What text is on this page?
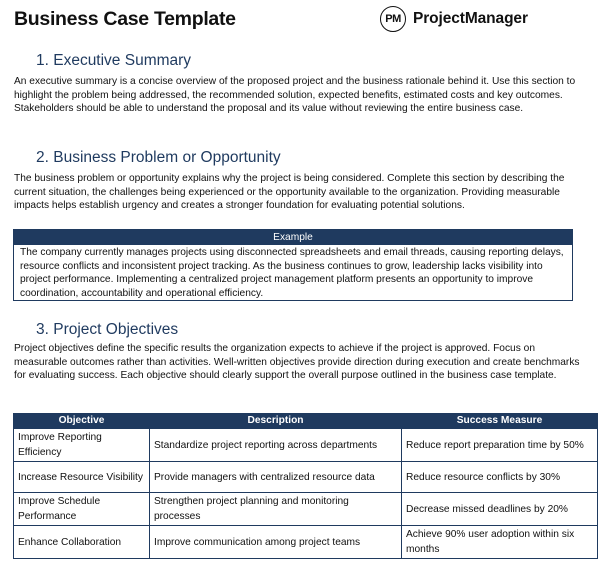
Business Case Template	PM ProjectManager
1. Executive Summary

An executive summary is a concise overview of the proposed project and the business rationale behind it. Use this section to highlight the problem being addressed, the recommended solution, expected benefits, estimated costs and key outcomes. Stakeholders should be able to understand the proposal and its value without reviewing the entire business case.

2. Business Problem or Opportunity

The business problem or opportunity explains why the project is being considered. Complete this section by describing the current situation, the challenges being experienced or the opportunity available to the organization. Providing measurable impacts helps establish urgency and creates a stronger foundation for evaluating potential solutions.

Example

The company currently manages projects using disconnected spreadsheets and email threads, causing reporting delays, resource conflicts and inconsistent project tracking. As the business continues to grow, leadership lacks visibility into project performance. Implementing a centralized project management platform presents an opportunity to improve coordination, accountability and operational efficiency.

3. Project Objectives

Project objectives define the specific results the organization expects to achieve if the project is approved. Focus on measurable outcomes rather than activities. Well-written objectives provide direction during execution and create benchmarks for evaluating success. Each objective should clearly support the overall purpose outlined in the business case template.

Objective	Description	Success Measure
Improve Reporting Efficiency	Standardize project reporting across departments	Reduce report preparation time by 50%
Increase Resource Visibility	Provide managers with centralized resource data	Reduce resource conflicts by 30%
Improve Schedule Performance	Strengthen project planning and monitoring processes	Decrease missed deadlines by 20%
Enhance Collaboration	Improve communication among project teams	Achieve 90% user adoption within six months
